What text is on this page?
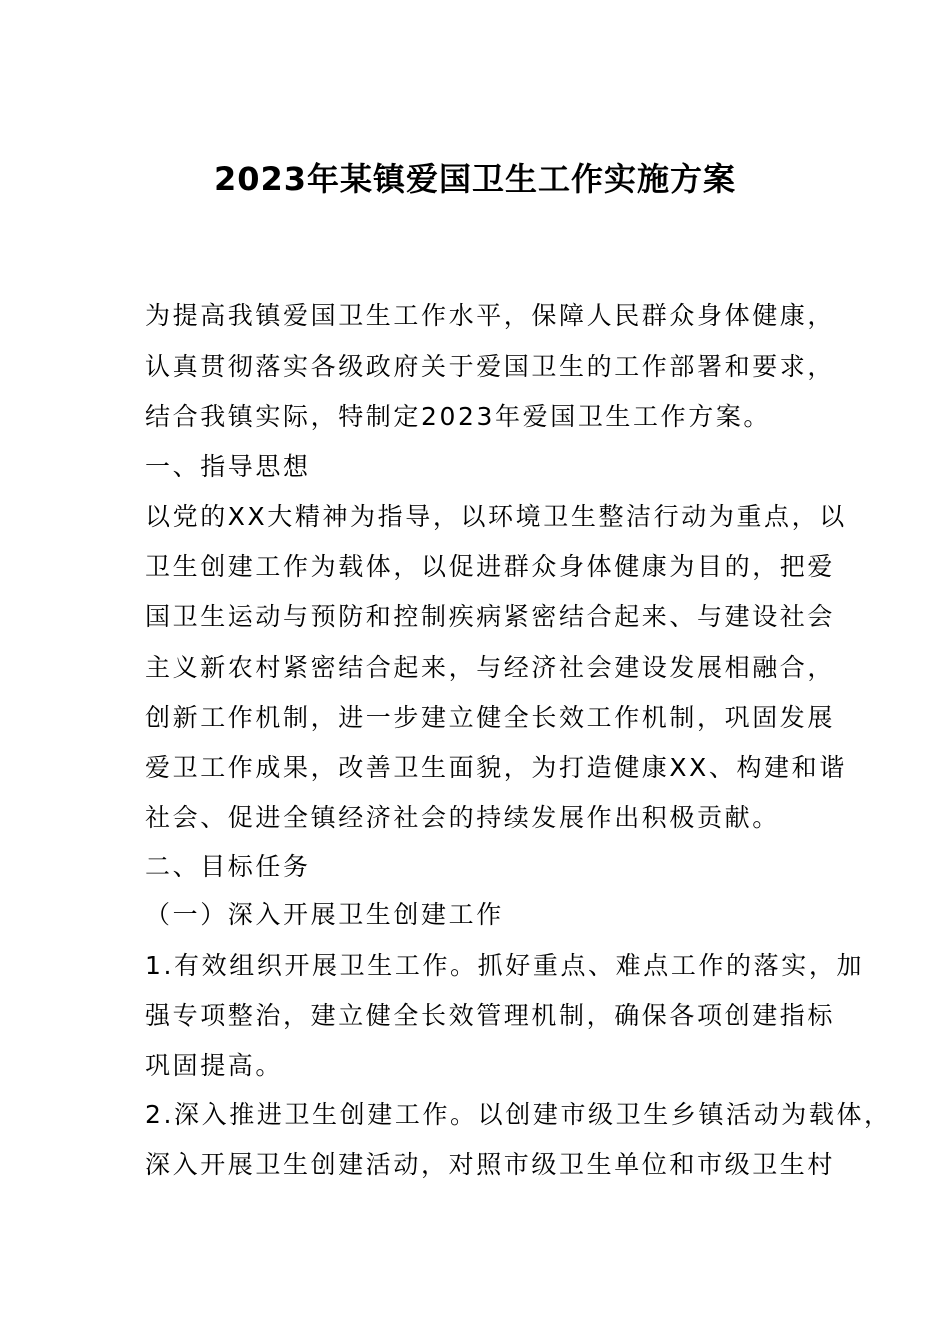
2023年某镇爱国卫生工作实施方案
为提高我镇爱国卫生工作水平，保障人民群众身体健康，
认真贯彻落实各级政府关于爱国卫生的工作部署和要求，
结合我镇实际，特制定2023年爱国卫生工作方案。
一、指导思想
以党的XX大精神为指导，以环境卫生整洁行动为重点，以
卫生创建工作为载体，以促进群众身体健康为目的，把爱
国卫生运动与预防和控制疾病紧密结合起来、与建设社会
主义新农村紧密结合起来，与经济社会建设发展相融合，
创新工作机制，进一步建立健全长效工作机制，巩固发展
爱卫工作成果，改善卫生面貌，为打造健康XX、构建和谐
社会、促进全镇经济社会的持续发展作出积极贡献。
二、目标任务
（一）深入开展卫生创建工作
1.有效组织开展卫生工作。抓好重点、难点工作的落实，加
强专项整治，建立健全长效管理机制，确保各项创建指标
巩固提高。
2.深入推进卫生创建工作。以创建市级卫生乡镇活动为载体，
深入开展卫生创建活动，对照市级卫生单位和市级卫生村
